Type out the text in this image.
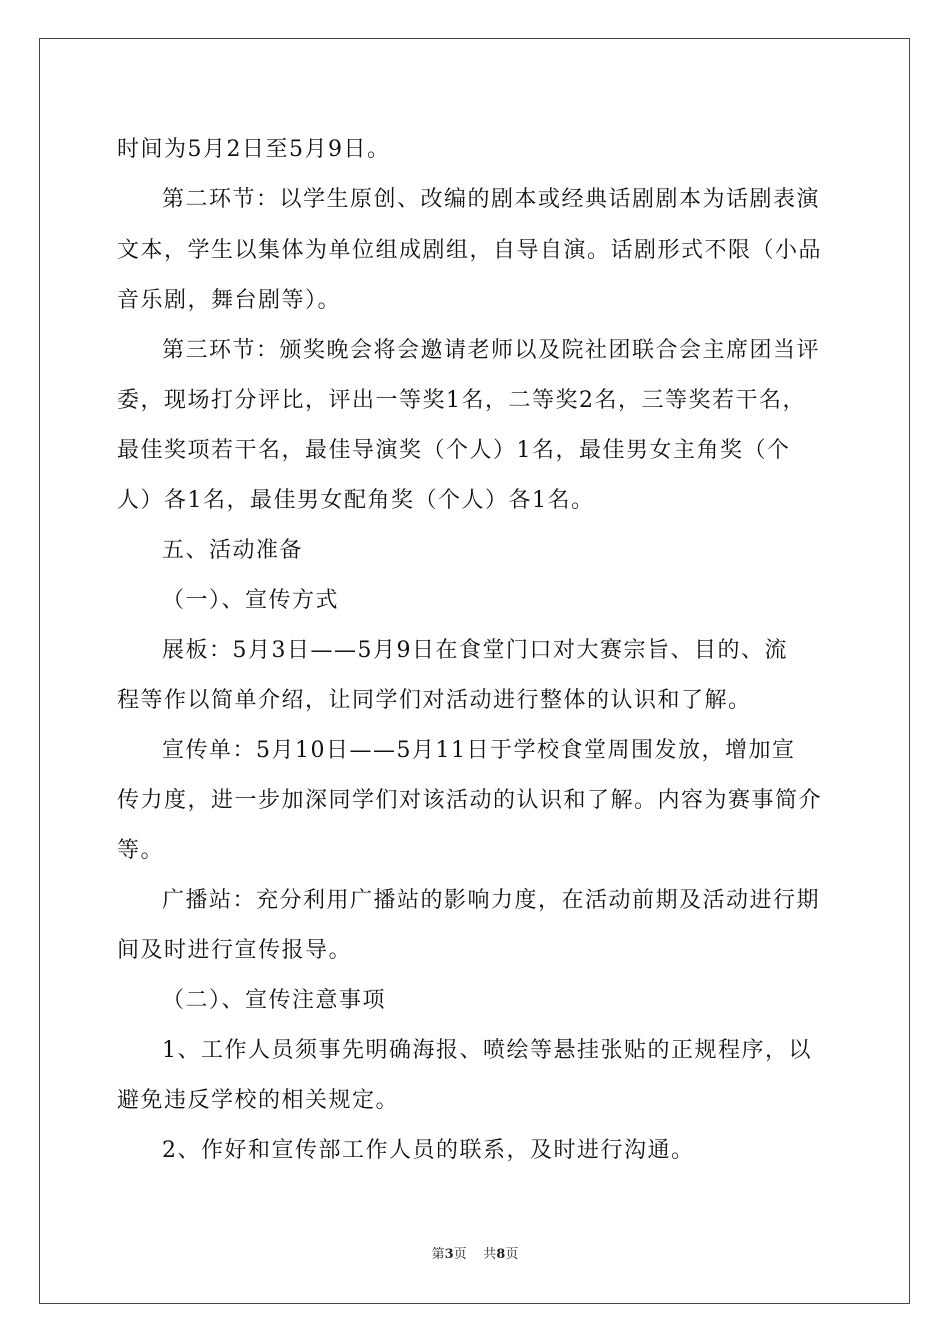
时间为5月2日至5月9日。
第二环节：以学生原创、改编的剧本或经典话剧剧本为话剧表演
文本，学生以集体为单位组成剧组，自导自演。话剧形式不限（小品
音乐剧，舞台剧等）。
第三环节：颁奖晚会将会邀请老师以及院社团联合会主席团当评
委，现场打分评比，评出一等奖1名，二等奖2名，三等奖若干名，
最佳奖项若干名，最佳导演奖（个人）1名，最佳男女主角奖（个
人）各1名，最佳男女配角奖（个人）各1名。
五、活动准备
（一）、宣传方式
展板：5月3日——5月9日在食堂门口对大赛宗旨、目的、流
程等作以简单介绍，让同学们对活动进行整体的认识和了解。
宣传单：5月10日——5月11日于学校食堂周围发放，增加宣
传力度，进一步加深同学们对该活动的认识和了解。内容为赛事简介
等。
广播站：充分利用广播站的影响力度，在活动前期及活动进行期
间及时进行宣传报导。
（二）、宣传注意事项
1、工作人员须事先明确海报、喷绘等悬挂张贴的正规程序，以
避免违反学校的相关规定。
2、作好和宣传部工作人员的联系，及时进行沟通。
第3页 共8页
